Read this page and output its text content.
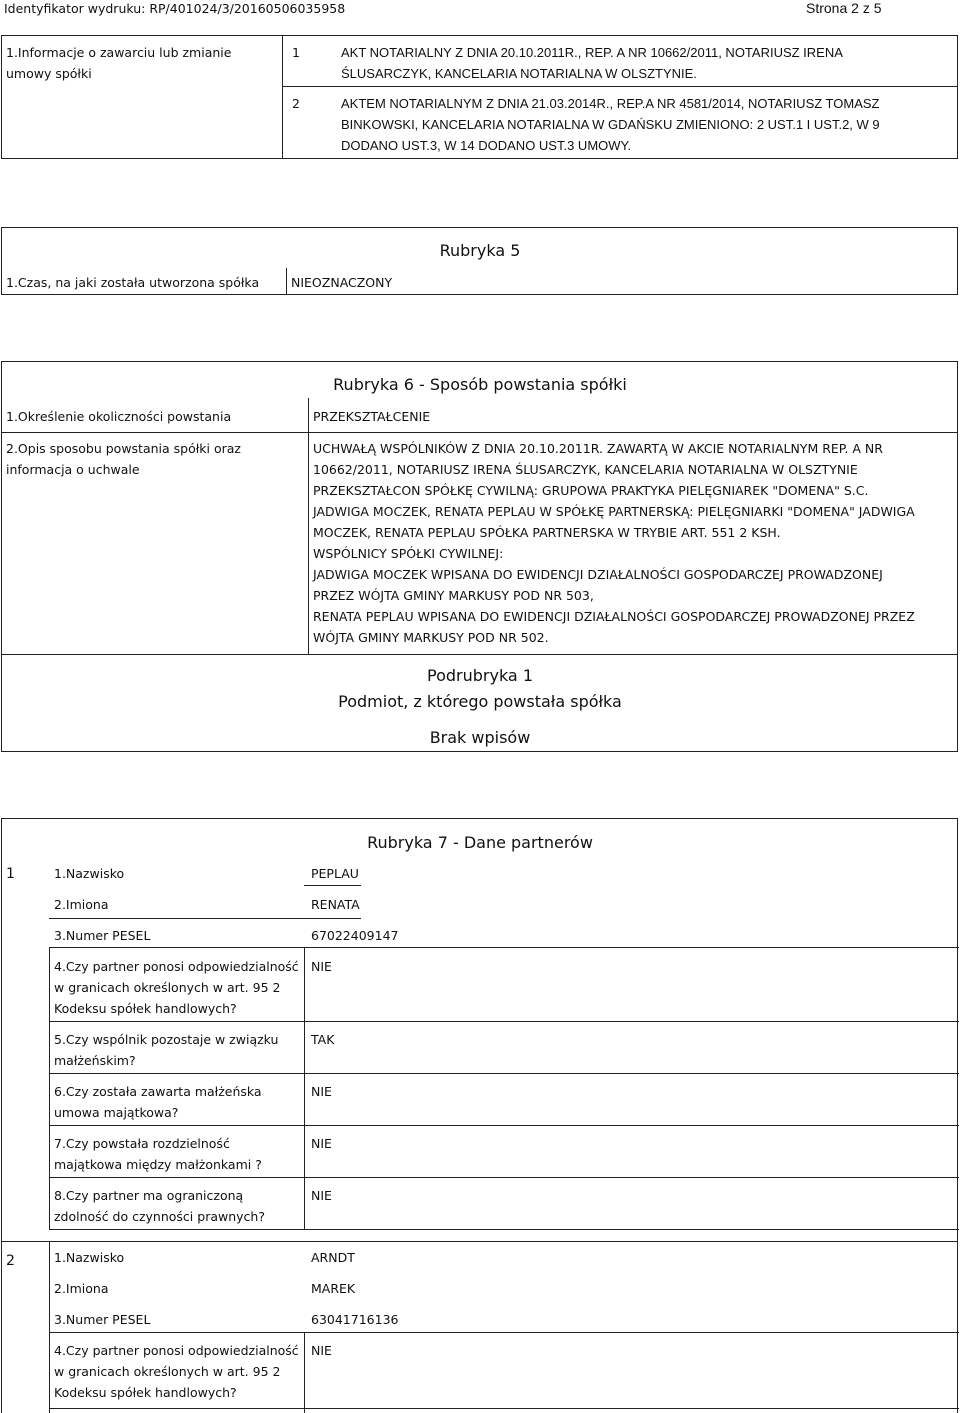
Identyfikator wydruku: RP/401024/3/20160506035958	Strona 2 z 5
1.Informacje o zawarciu lub zmianie
umowy spółki
1	AKT NOTARIALNY Z DNIA 20.10.2011R., REP. A NR 10662/2011, NOTARIUSZ IRENA
ŚLUSARCZYK, KANCELARIA NOTARIALNA W OLSZTYNIE.
2	AKTEM NOTARIALNYM Z DNIA 21.03.2014R., REP.A NR 4581/2014, NOTARIUSZ TOMASZ
BINKOWSKI, KANCELARIA NOTARIALNA W GDAŃSKU ZMIENIONO: 2 UST.1 I UST.2, W 9
DODANO UST.3, W 14 DODANO UST.3 UMOWY.
Rubryka 5
1.Czas, na jaki została utworzona spółka	NIEOZNACZONY
Rubryka 6 - Sposób powstania spółki
1.Określenie okoliczności powstania	PRZEKSZTAŁCENIE
2.Opis sposobu powstania spółki oraz
informacja o uchwale
UCHWAŁĄ WSPÓLNIKÓW Z DNIA 20.10.2011R. ZAWARTĄ W AKCIE NOTARIALNYM REP. A NR
10662/2011, NOTARIUSZ IRENA ŚLUSARCZYK, KANCELARIA NOTARIALNA W OLSZTYNIE
PRZEKSZTAŁCON SPÓŁKĘ CYWILNĄ: GRUPOWA PRAKTYKA PIELĘGNIAREK "DOMENA" S.C.
JADWIGA MOCZEK, RENATA PEPLAU W SPÓŁKĘ PARTNERSKĄ: PIELĘGNIARKI "DOMENA" JADWIGA
MOCZEK, RENATA PEPLAU SPÓŁKA PARTNERSKA W TRYBIE ART. 551 2 KSH.
WSPÓLNICY SPÓŁKI CYWILNEJ:
JADWIGA MOCZEK WPISANA DO EWIDENCJI DZIAŁALNOŚCI GOSPODARCZEJ PROWADZONEJ
PRZEZ WÓJTA GMINY MARKUSY POD NR 503,
RENATA PEPLAU WPISANA DO EWIDENCJI DZIAŁALNOŚCI GOSPODARCZEJ PROWADZONEJ PRZEZ
WÓJTA GMINY MARKUSY POD NR 502.
Podrubryka 1
Podmiot, z którego powstała spółka
Brak wpisów
Rubryka 7 - Dane partnerów
1	1.Nazwisko	PEPLAU
2.Imiona	RENATA
3.Numer PESEL	67022409147
4.Czy partner ponosi odpowiedzialność
w granicach określonych w art. 95 2
Kodeksu spółek handlowych?
NIE
5.Czy wspólnik pozostaje w związku
małżeńskim?
TAK
6.Czy została zawarta małżeńska
umowa majątkowa?
NIE
7.Czy powstała rozdzielność
majątkowa między małżonkami ?
NIE
8.Czy partner ma ograniczoną
zdolność do czynności prawnych?
NIE
2	1.Nazwisko	ARNDT
2.Imiona	MAREK
3.Numer PESEL	63041716136
4.Czy partner ponosi odpowiedzialność
w granicach określonych w art. 95 2
Kodeksu spółek handlowych?
NIE
